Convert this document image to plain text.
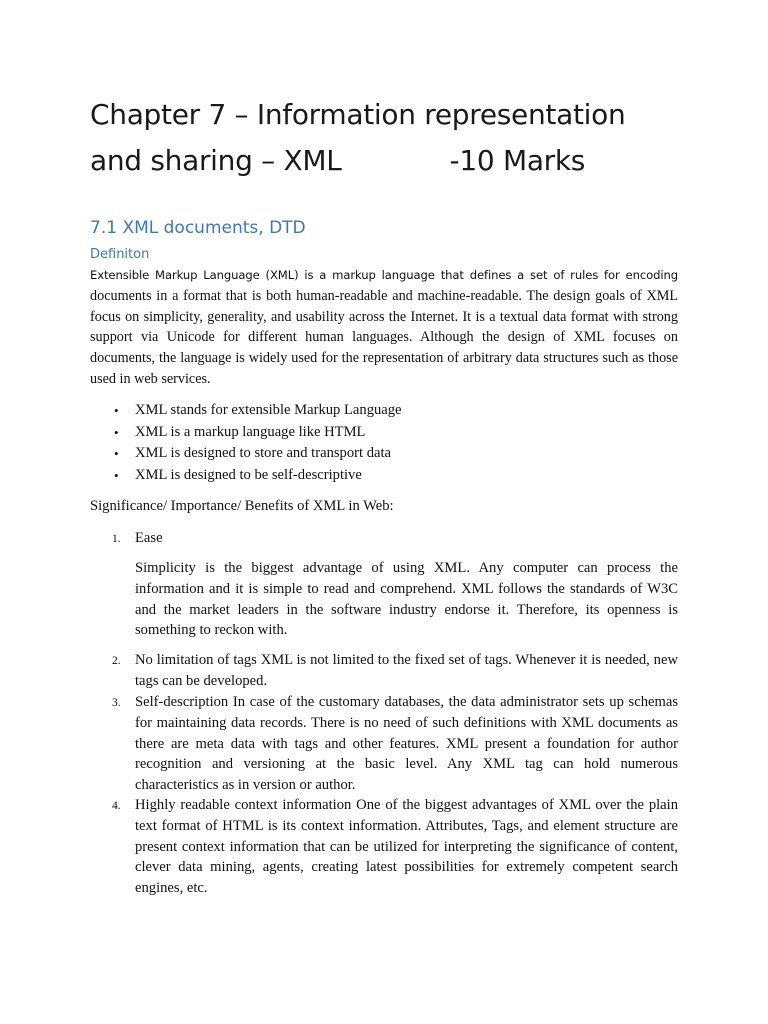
Chapter 7 – Information representation
and sharing – XML	-10 Marks
7.1 XML documents, DTD
Definiton

Extensible Markup Language (XML) is a markup language that defines a set of rules for encoding documents in a format that is both human-readable and machine-readable. The design goals of XML focus on simplicity, generality, and usability across the Internet. It is a textual data format with strong support via Unicode for different human languages. Although the design of XML focuses on documents, the language is widely used for the representation of arbitrary data structures such as those used in web services.

• XML stands for extensible Markup Language
• XML is a markup language like HTML
• XML is designed to store and transport data
• XML is designed to be self-descriptive

Significance/ Importance/ Benefits of XML in Web:

1. Ease

Simplicity is the biggest advantage of using XML. Any computer can process the information and it is simple to read and comprehend. XML follows the standards of W3C and the market leaders in the software industry endorse it. Therefore, its openness is something to reckon with.

2. No limitation of tags XML is not limited to the fixed set of tags. Whenever it is needed, new tags can be developed.
3. Self-description In case of the customary databases, the data administrator sets up schemas for maintaining data records. There is no need of such definitions with XML documents as there are meta data with tags and other features. XML present a foundation for author recognition and versioning at the basic level. Any XML tag can hold numerous characteristics as in version or author.
4. Highly readable context information One of the biggest advantages of XML over the plain text format of HTML is its context information. Attributes, Tags, and element structure are present context information that can be utilized for interpreting the significance of content, clever data mining, agents, creating latest possibilities for extremely competent search engines, etc.
